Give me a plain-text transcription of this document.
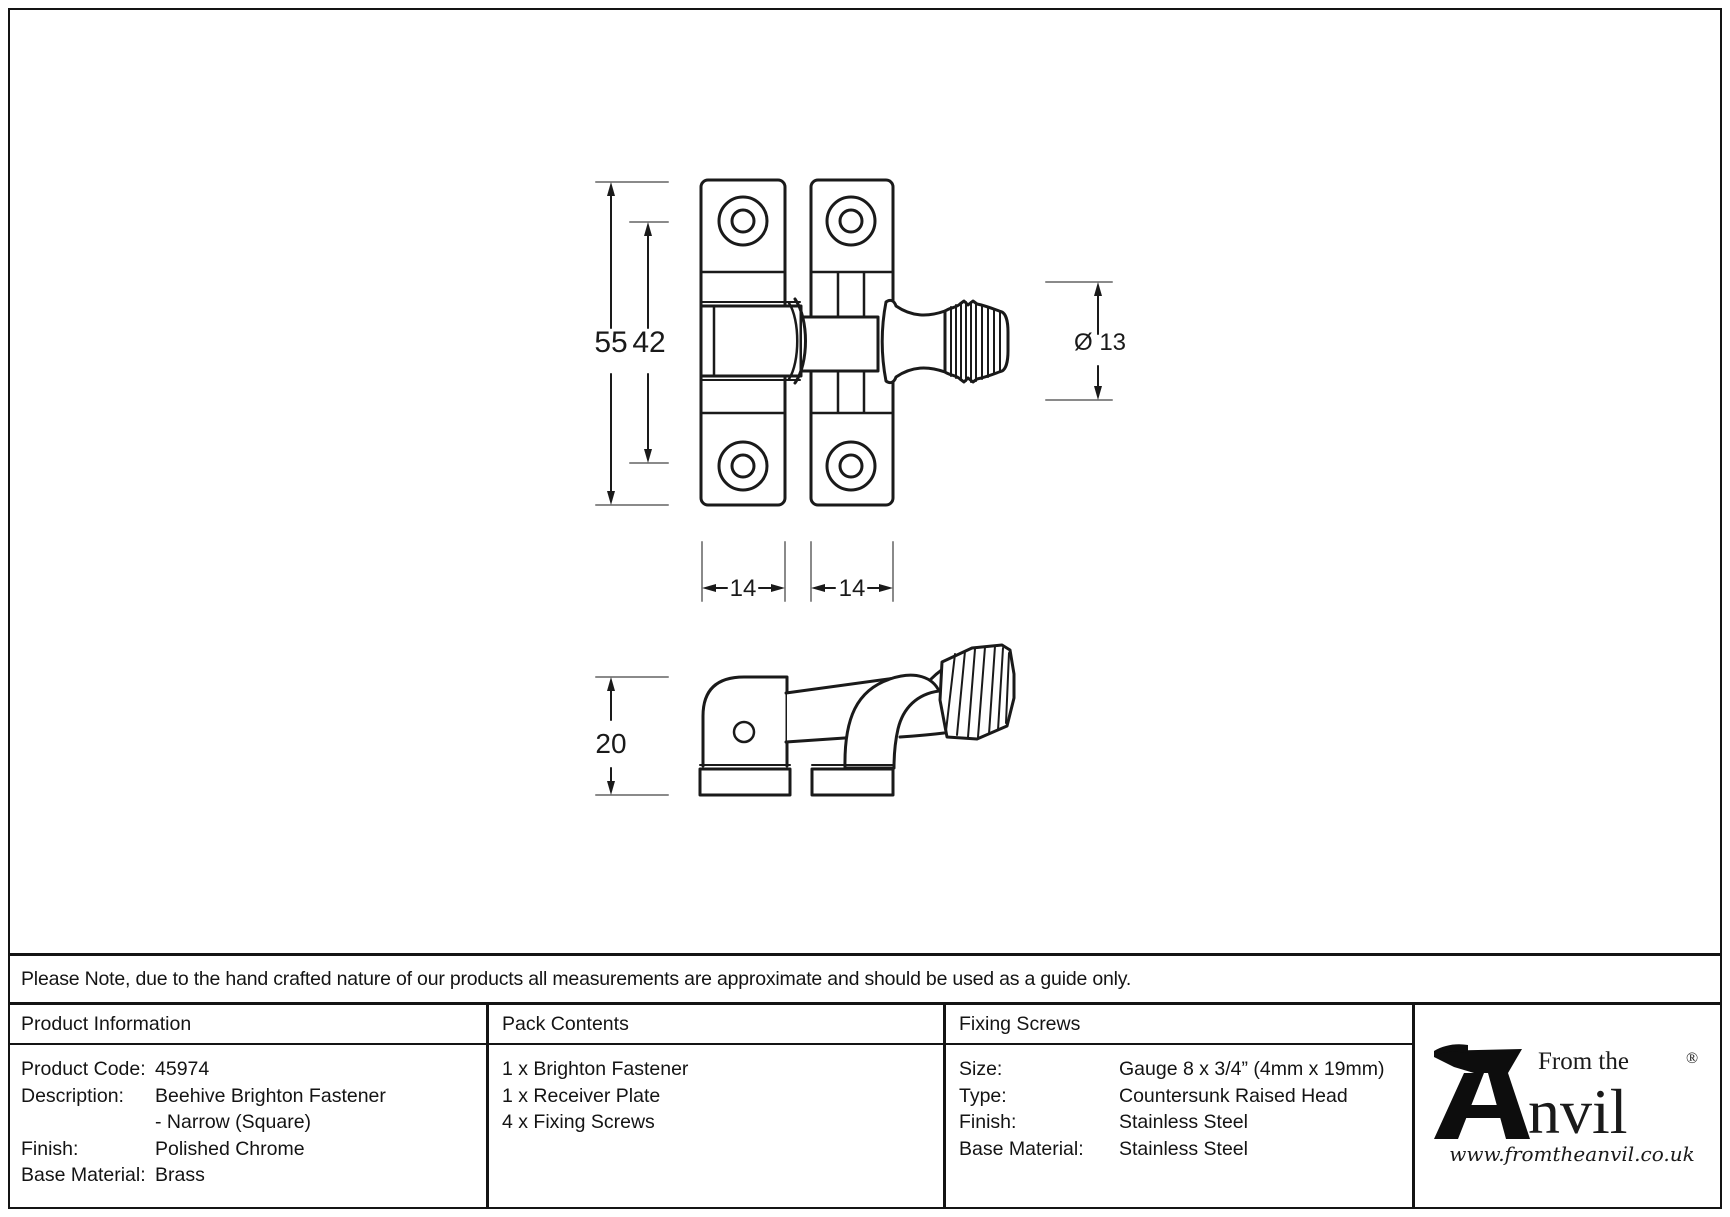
55 42
14	14
Ø 13
20
Please Note, due to the hand crafted nature of our products all measurements are approximate and should be used as a guide only.
Product Information
Product Code: 45974
Description:	Beehive Brighton Fastener
- Narrow (Square)
Finish:	Polished Chrome
Base Material: Brass
Pack Contents
1 x Brighton Fastener
1 x Receiver Plate
4 x Fixing Screws
Fixing Screws
Size:	Gauge 8 x 3/4” (4mm x 19mm)
Type:	Countersunk Raised Head
Finish:	Stainless Steel
Base Material:	Stainless Steel
From the
nvil
®
www.fromtheanvil.co.uk
